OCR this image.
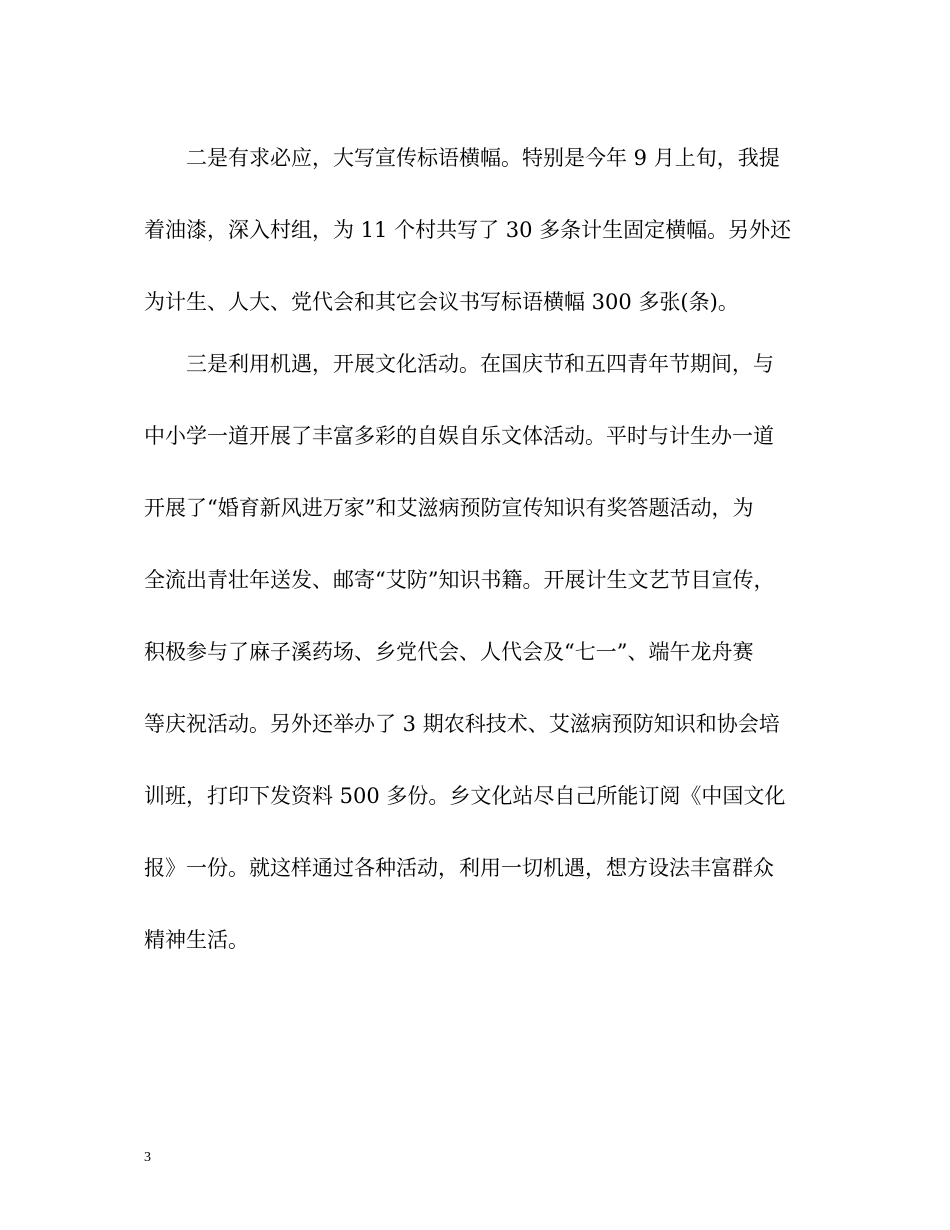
二是有求必应，大写宣传标语横幅。特别是今年 9 月上旬，我提
着油漆，深入村组，为 11 个村共写了 30 多条计生固定横幅。另外还
为计生、人大、党代会和其它会议书写标语横幅 300 多张(条)。
三是利用机遇，开展文化活动。在国庆节和五四青年节期间，与
中小学一道开展了丰富多彩的自娱自乐文体活动。平时与计生办一道
开展了“婚育新风进万家”和艾滋病预防宣传知识有奖答题活动，为
全流出青壮年送发、邮寄“艾防”知识书籍。开展计生文艺节目宣传，
积极参与了麻子溪药场、乡党代会、人代会及“七一”、端午龙舟赛
等庆祝活动。另外还举办了 3 期农科技术、艾滋病预防知识和协会培
训班，打印下发资料 500 多份。乡文化站尽自己所能订阅《中国文化
报》一份。就这样通过各种活动，利用一切机遇，想方设法丰富群众
精神生活。
3
